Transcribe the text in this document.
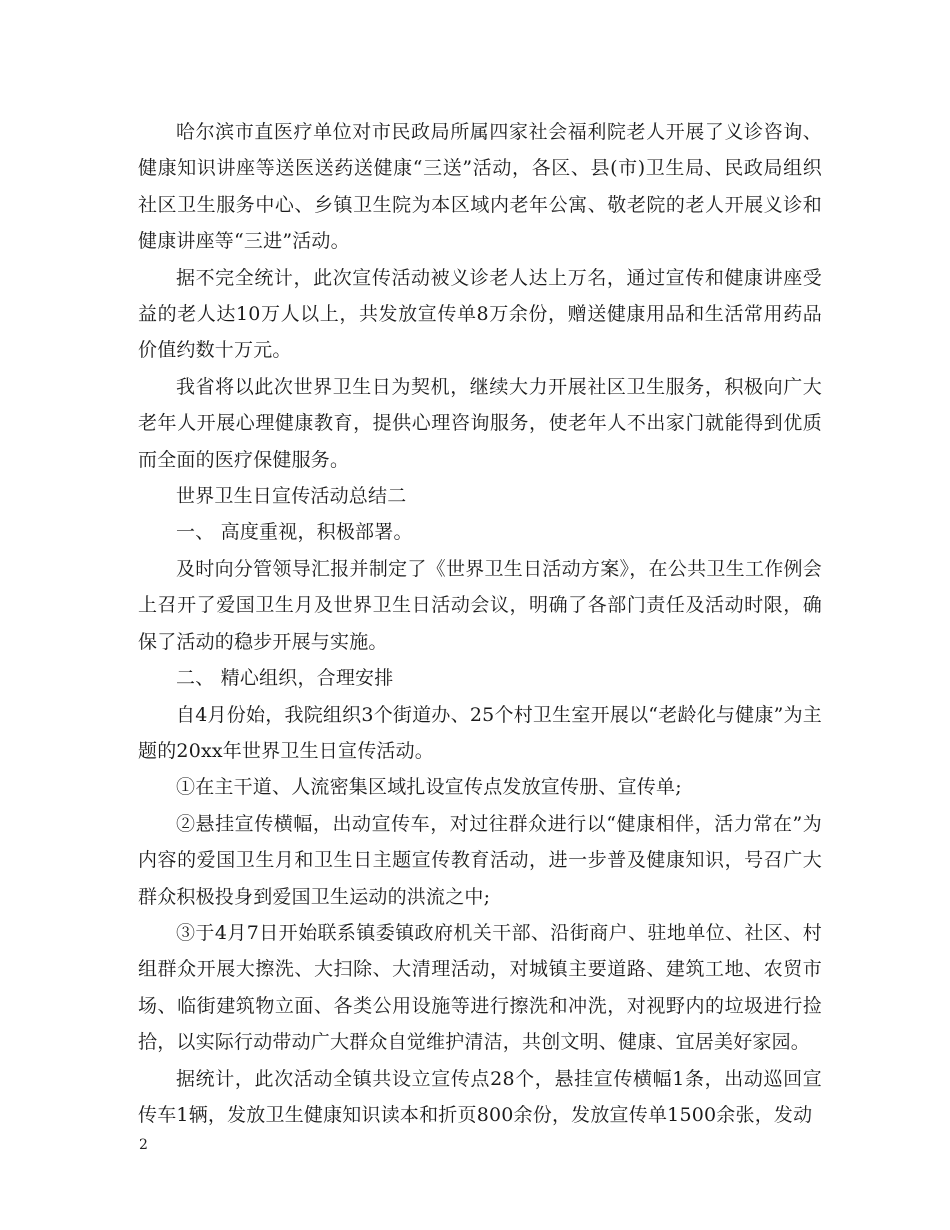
哈尔滨市直医疗单位对市民政局所属四家社会福利院老人开展了义诊咨询、健康知识讲座等送医送药送健康“三送”活动，各区、县(市)卫生局、民政局组织社区卫生服务中心、乡镇卫生院为本区域内老年公寓、敬老院的老人开展义诊和健康讲座等“三进”活动。

据不完全统计，此次宣传活动被义诊老人达上万名，通过宣传和健康讲座受益的老人达10万人以上，共发放宣传单8万余份，赠送健康用品和生活常用药品价值约数十万元。

我省将以此次世界卫生日为契机，继续大力开展社区卫生服务，积极向广大老年人开展心理健康教育，提供心理咨询服务，使老年人不出家门就能得到优质而全面的医疗保健服务。

世界卫生日宣传活动总结二

一、 高度重视，积极部署。

及时向分管领导汇报并制定了《世界卫生日活动方案》，在公共卫生工作例会上召开了爱国卫生月及世界卫生日活动会议，明确了各部门责任及活动时限，确保了活动的稳步开展与实施。

二、 精心组织，合理安排

自4月份始，我院组织3个街道办、25个村卫生室开展以“老龄化与健康”为主题的20xx年世界卫生日宣传活动。

①在主干道、人流密集区域扎设宣传点发放宣传册、宣传单;

②悬挂宣传横幅，出动宣传车，对过往群众进行以“健康相伴，活力常在”为内容的爱国卫生月和卫生日主题宣传教育活动，进一步普及健康知识，号召广大群众积极投身到爱国卫生运动的洪流之中;

③于4月7日开始联系镇委镇政府机关干部、沿街商户、驻地单位、社区、村组群众开展大擦洗、大扫除、大清理活动，对城镇主要道路、建筑工地、农贸市场、临街建筑物立面、各类公用设施等进行擦洗和冲洗，对视野内的垃圾进行捡拾，以实际行动带动广大群众自觉维护清洁，共创文明、健康、宜居美好家园。

据统计，此次活动全镇共设立宣传点28个，悬挂宣传横幅1条，出动巡回宣传车1辆，发放卫生健康知识读本和折页800余份，发放宣传单1500余张，发动

2
